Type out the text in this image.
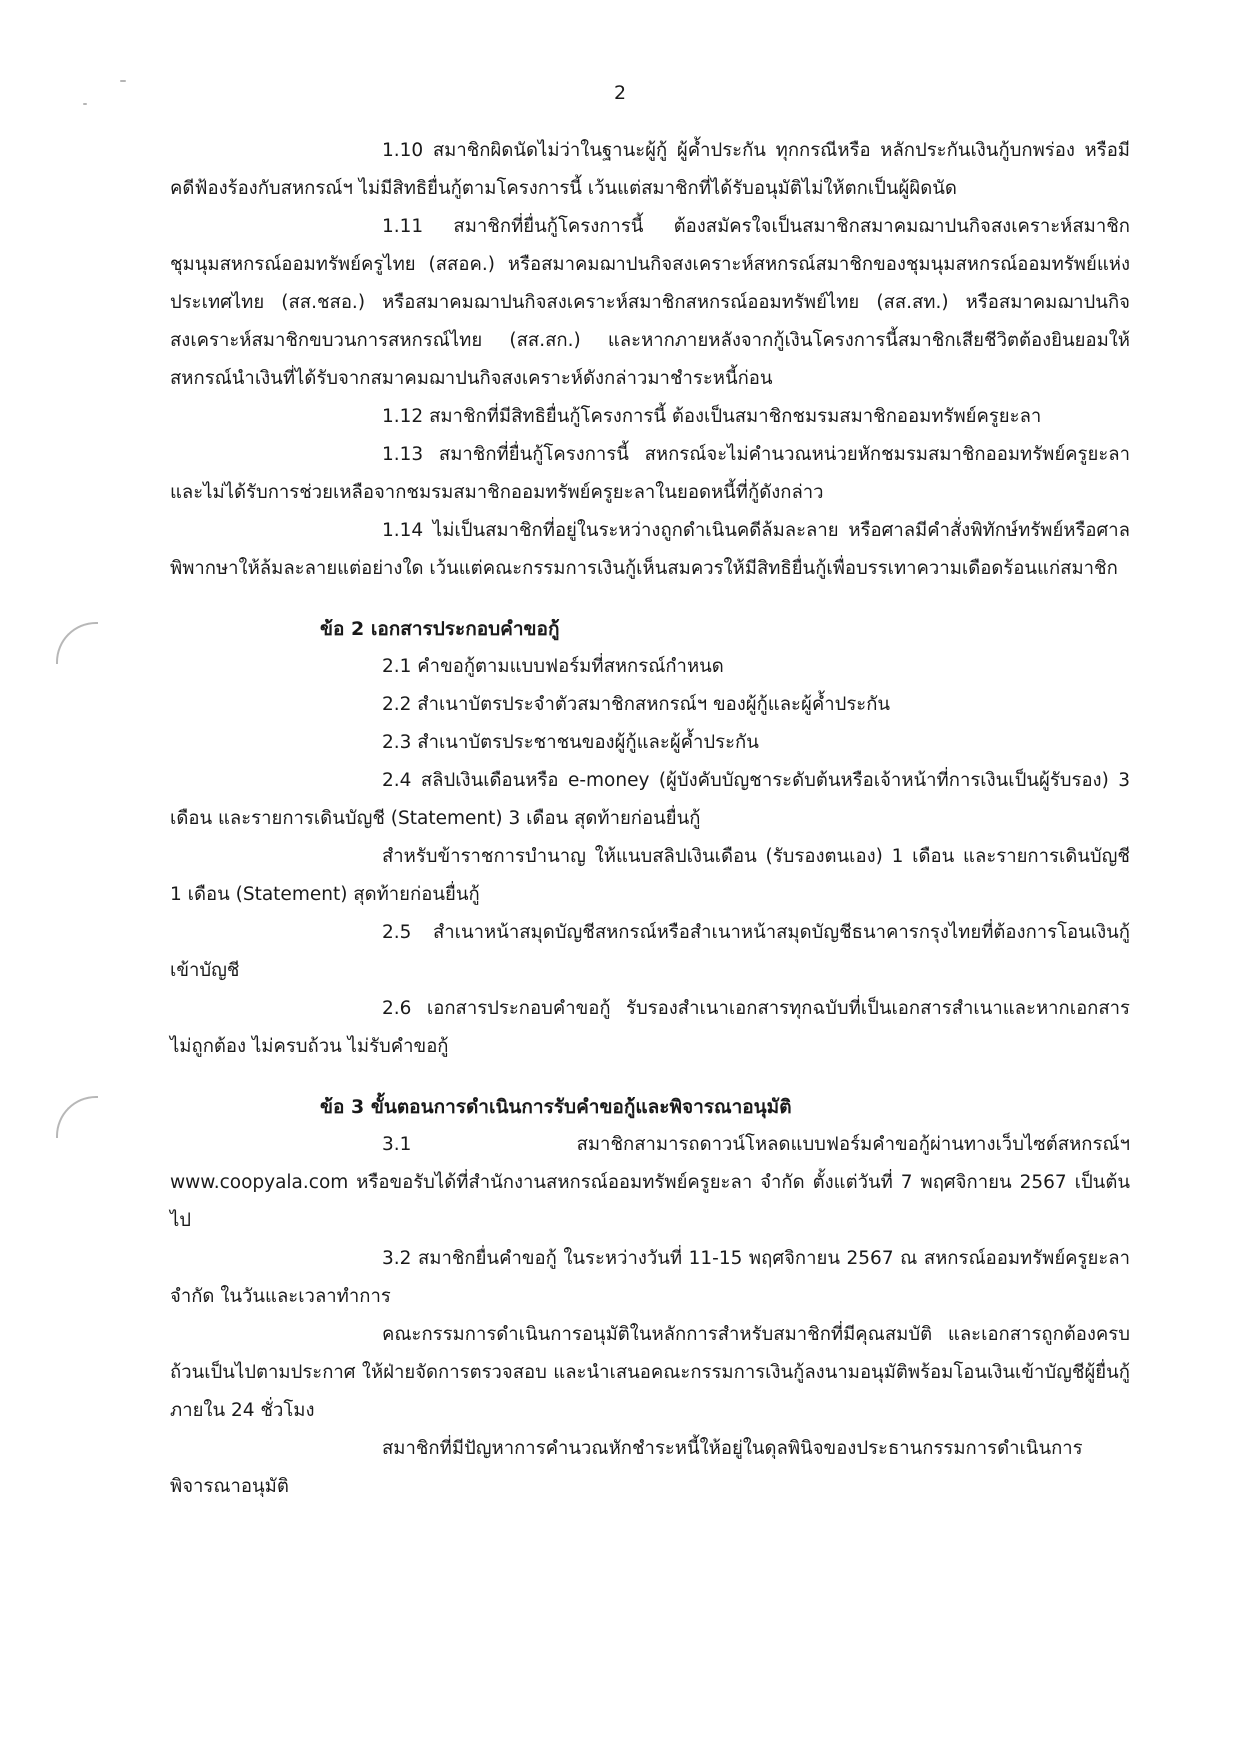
2

1.10 สมาชิกผิดนัดไม่ว่าในฐานะผู้กู้ ผู้ค้ำประกัน ทุกกรณีหรือ หลักประกันเงินกู้บกพร่อง หรือมีคดีฟ้องร้องกับสหกรณ์ฯ ไม่มีสิทธิยื่นกู้ตามโครงการนี้ เว้นแต่สมาชิกที่ได้รับอนุมัติไม่ให้ตกเป็นผู้ผิดนัด

1.11 สมาชิกที่ยื่นกู้โครงการนี้ ต้องสมัครใจเป็นสมาชิกสมาคมฌาปนกิจสงเคราะห์สมาชิกชุมนุมสหกรณ์ออมทรัพย์ครูไทย (สสอค.) หรือสมาคมฌาปนกิจสงเคราะห์สหกรณ์สมาชิกของชุมนุมสหกรณ์ออมทรัพย์แห่งประเทศไทย (สส.ชสอ.) หรือสมาคมฌาปนกิจสงเคราะห์สมาชิกสหกรณ์ออมทรัพย์ไทย (สส.สท.) หรือสมาคมฌาปนกิจสงเคราะห์สมาชิกขบวนการสหกรณ์ไทย (สส.สก.) และหากภายหลังจากกู้เงินโครงการนี้สมาชิกเสียชีวิตต้องยินยอมให้สหกรณ์นำเงินที่ได้รับจากสมาคมฌาปนกิจสงเคราะห์ดังกล่าวมาชำระหนี้ก่อน

1.12 สมาชิกที่มีสิทธิยื่นกู้โครงการนี้ ต้องเป็นสมาชิกชมรมสมาชิกออมทรัพย์ครูยะลา

1.13 สมาชิกที่ยื่นกู้โครงการนี้ สหกรณ์จะไม่คำนวณหน่วยหักชมรมสมาชิกออมทรัพย์ครูยะลาและไม่ได้รับการช่วยเหลือจากชมรมสมาชิกออมทรัพย์ครูยะลาในยอดหนี้ที่กู้ดังกล่าว

1.14 ไม่เป็นสมาชิกที่อยู่ในระหว่างถูกดำเนินคดีล้มละลาย หรือศาลมีคำสั่งพิทักษ์ทรัพย์หรือศาลพิพากษาให้ล้มละลายแต่อย่างใด เว้นแต่คณะกรรมการเงินกู้เห็นสมควรให้มีสิทธิยื่นกู้เพื่อบรรเทาความเดือดร้อนแก่สมาชิก

ข้อ 2 เอกสารประกอบคำขอกู้

2.1 คำขอกู้ตามแบบฟอร์มที่สหกรณ์กำหนด

2.2 สำเนาบัตรประจำตัวสมาชิกสหกรณ์ฯ ของผู้กู้และผู้ค้ำประกัน

2.3 สำเนาบัตรประชาชนของผู้กู้และผู้ค้ำประกัน

2.4 สลิปเงินเดือนหรือ e-money (ผู้บังคับบัญชาระดับต้นหรือเจ้าหน้าที่การเงินเป็นผู้รับรอง) 3 เดือน และรายการเดินบัญชี (Statement) 3 เดือน สุดท้ายก่อนยื่นกู้

สำหรับข้าราชการบำนาญ ให้แนบสลิปเงินเดือน (รับรองตนเอง) 1 เดือน และรายการเดินบัญชี 1 เดือน (Statement) สุดท้ายก่อนยื่นกู้

2.5 สำเนาหน้าสมุดบัญชีสหกรณ์หรือสำเนาหน้าสมุดบัญชีธนาคารกรุงไทยที่ต้องการโอนเงินกู้เข้าบัญชี

2.6 เอกสารประกอบคำขอกู้ รับรองสำเนาเอกสารทุกฉบับที่เป็นเอกสารสำเนาและหากเอกสารไม่ถูกต้อง ไม่ครบถ้วน ไม่รับคำขอกู้

ข้อ 3 ขั้นตอนการดำเนินการรับคำขอกู้และพิจารณาอนุมัติ

3.1 สมาชิกสามารถดาวน์โหลดแบบฟอร์มคำขอกู้ผ่านทางเว็บไซต์สหกรณ์ฯ www.coopyala.com หรือขอรับได้ที่สำนักงานสหกรณ์ออมทรัพย์ครูยะลา จำกัด ตั้งแต่วันที่ 7 พฤศจิกายน 2567 เป็นต้นไป

3.2 สมาชิกยื่นคำขอกู้ ในระหว่างวันที่ 11-15 พฤศจิกายน 2567 ณ สหกรณ์ออมทรัพย์ครูยะลา จำกัด ในวันและเวลาทำการ

คณะกรรมการดำเนินการอนุมัติในหลักการสำหรับสมาชิกที่มีคุณสมบัติ และเอกสารถูกต้องครบถ้วนเป็นไปตามประกาศ ให้ฝ่ายจัดการตรวจสอบ และนำเสนอคณะกรรมการเงินกู้ลงนามอนุมัติพร้อมโอนเงินเข้าบัญชีผู้ยื่นกู้ ภายใน 24 ชั่วโมง

สมาชิกที่มีปัญหาการคำนวณหักชำระหนี้ให้อยู่ในดุลพินิจของประธานกรรมการดำเนินการพิจารณาอนุมัติ
